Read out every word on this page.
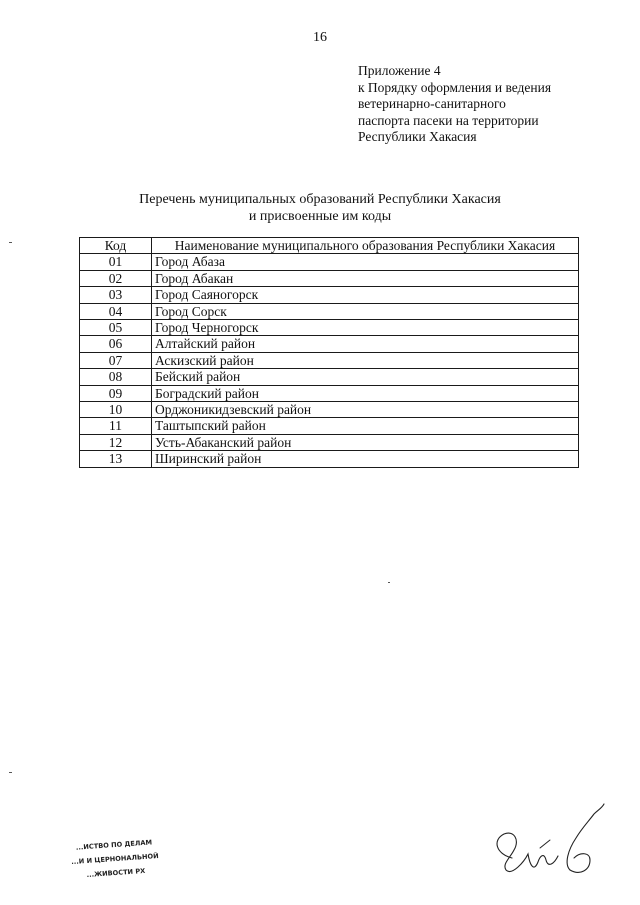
16
Приложение 4
к Порядку оформления и ведения
ветеринарно-санитарного
паспорта пасеки на территории
Республики Хакасия
Перечень муниципальных образований Республики Хакасия
и присвоенные им коды
Код	Наименование муниципального образования Республики Хакасия
01	Город Абаза
02	Город Абакан
03	Город Саяногорск
04	Город Сорск
05	Город Черногорск
06	Алтайский район
07	Аскизский район
08	Бейский район
09	Боградский район
10	Орджоникидзевский район
11	Таштыпский район
12	Усть-Абаканский район
13	Ширинский район
...ИСТВО ПО ДЕЛАМ
...И И ЦЕРНОНАЛЬНОЙ
...ЖИВОСТИ РХ
